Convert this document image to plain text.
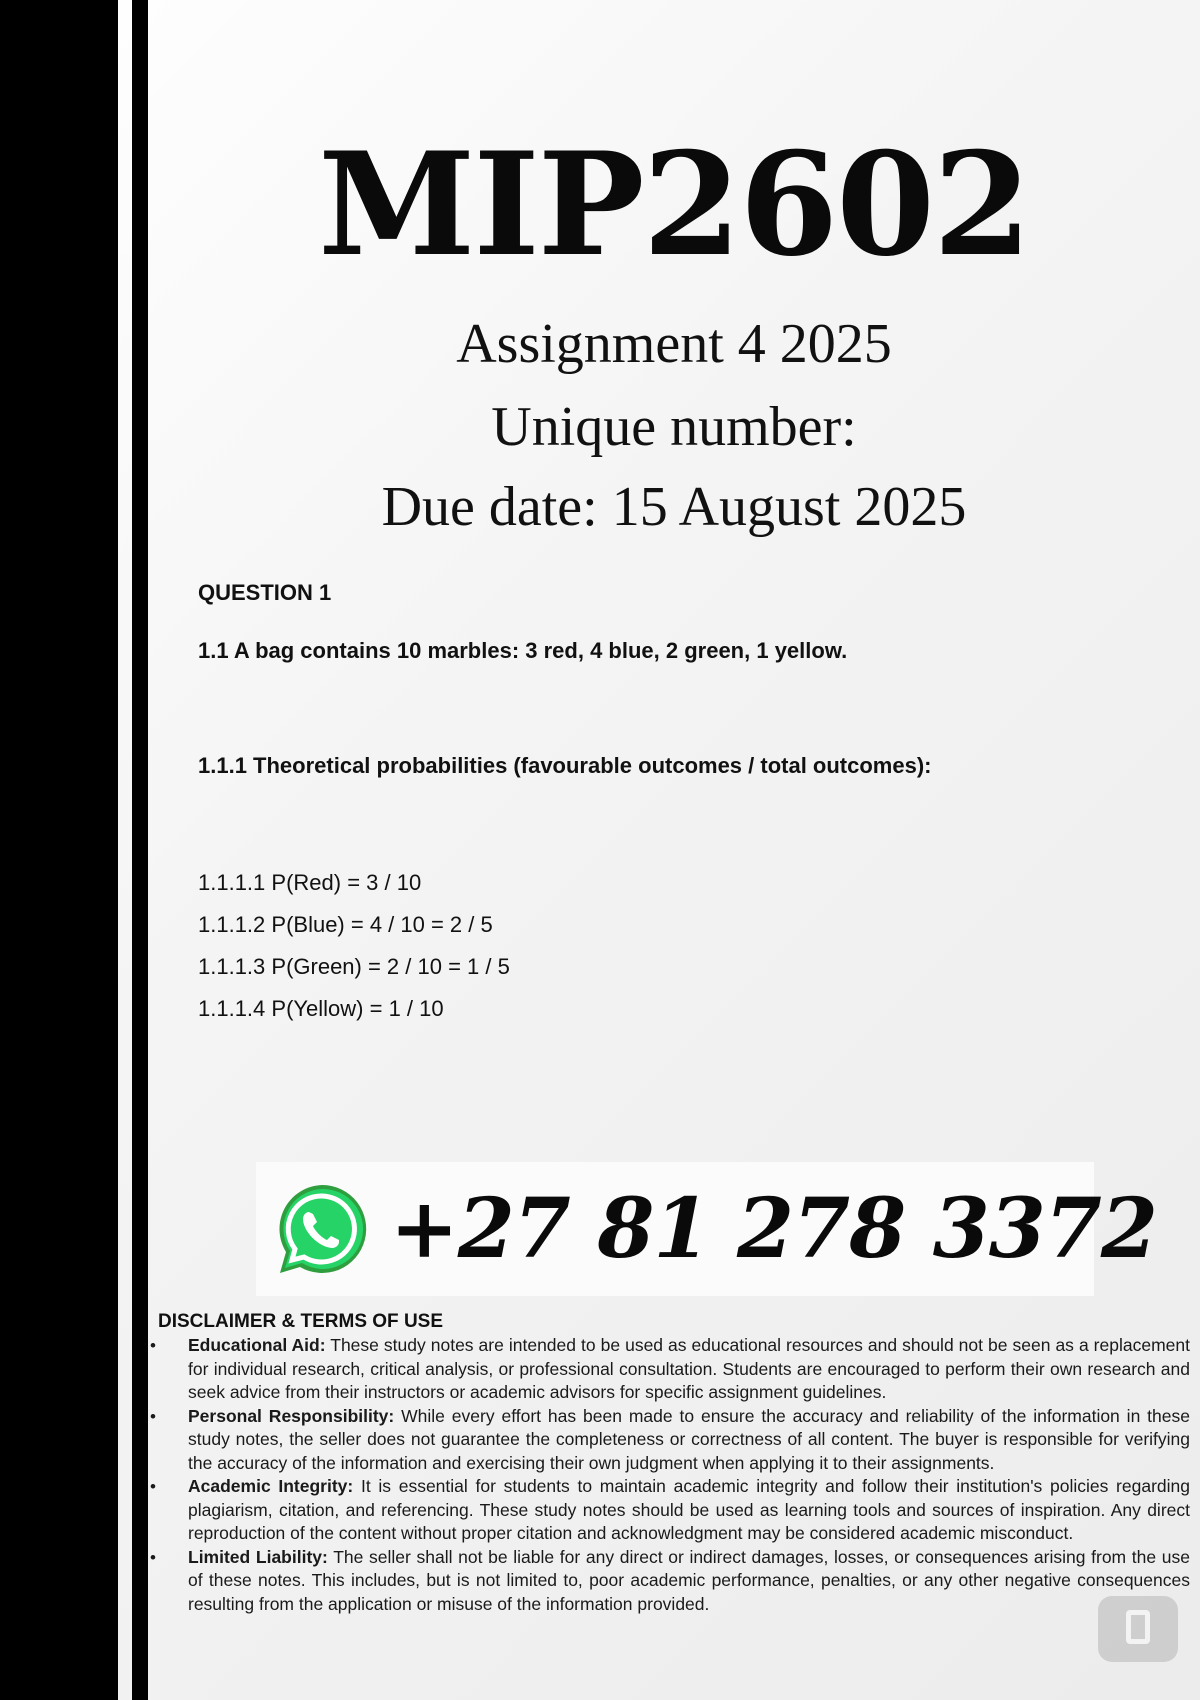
MIP2602
Assignment 4 2025
Unique number:
Due date: 15 August 2025
QUESTION 1
1.1 A bag contains 10 marbles: 3 red, 4 blue, 2 green, 1 yellow.
1.1.1 Theoretical probabilities (favourable outcomes / total outcomes):
1.1.1.1 P(Red) = 3 / 10
1.1.1.2 P(Blue) = 4 / 10 = 2 / 5
1.1.1.3 P(Green) = 2 / 10 = 1 / 5
1.1.1.4 P(Yellow) = 1 / 10
+27 81 278 3372
DISCLAIMER & TERMS OF USE
• Educational Aid: These study notes are intended to be used as educational resources and should not be seen as a replacement for individual research, critical analysis, or professional consultation. Students are encouraged to perform their own research and seek advice from their instructors or academic advisors for specific assignment guidelines.
• Personal Responsibility: While every effort has been made to ensure the accuracy and reliability of the information in these study notes, the seller does not guarantee the completeness or correctness of all content. The buyer is responsible for verifying the accuracy of the information and exercising their own judgment when applying it to their assignments.
• Academic Integrity: It is essential for students to maintain academic integrity and follow their institution's policies regarding plagiarism, citation, and referencing. These study notes should be used as learning tools and sources of inspiration. Any direct reproduction of the content without proper citation and acknowledgment may be considered academic misconduct.
• Limited Liability: The seller shall not be liable for any direct or indirect damages, losses, or consequences arising from the use of these notes. This includes, but is not limited to, poor academic performance, penalties, or any other negative consequences resulting from the application or misuse of the information provided.
